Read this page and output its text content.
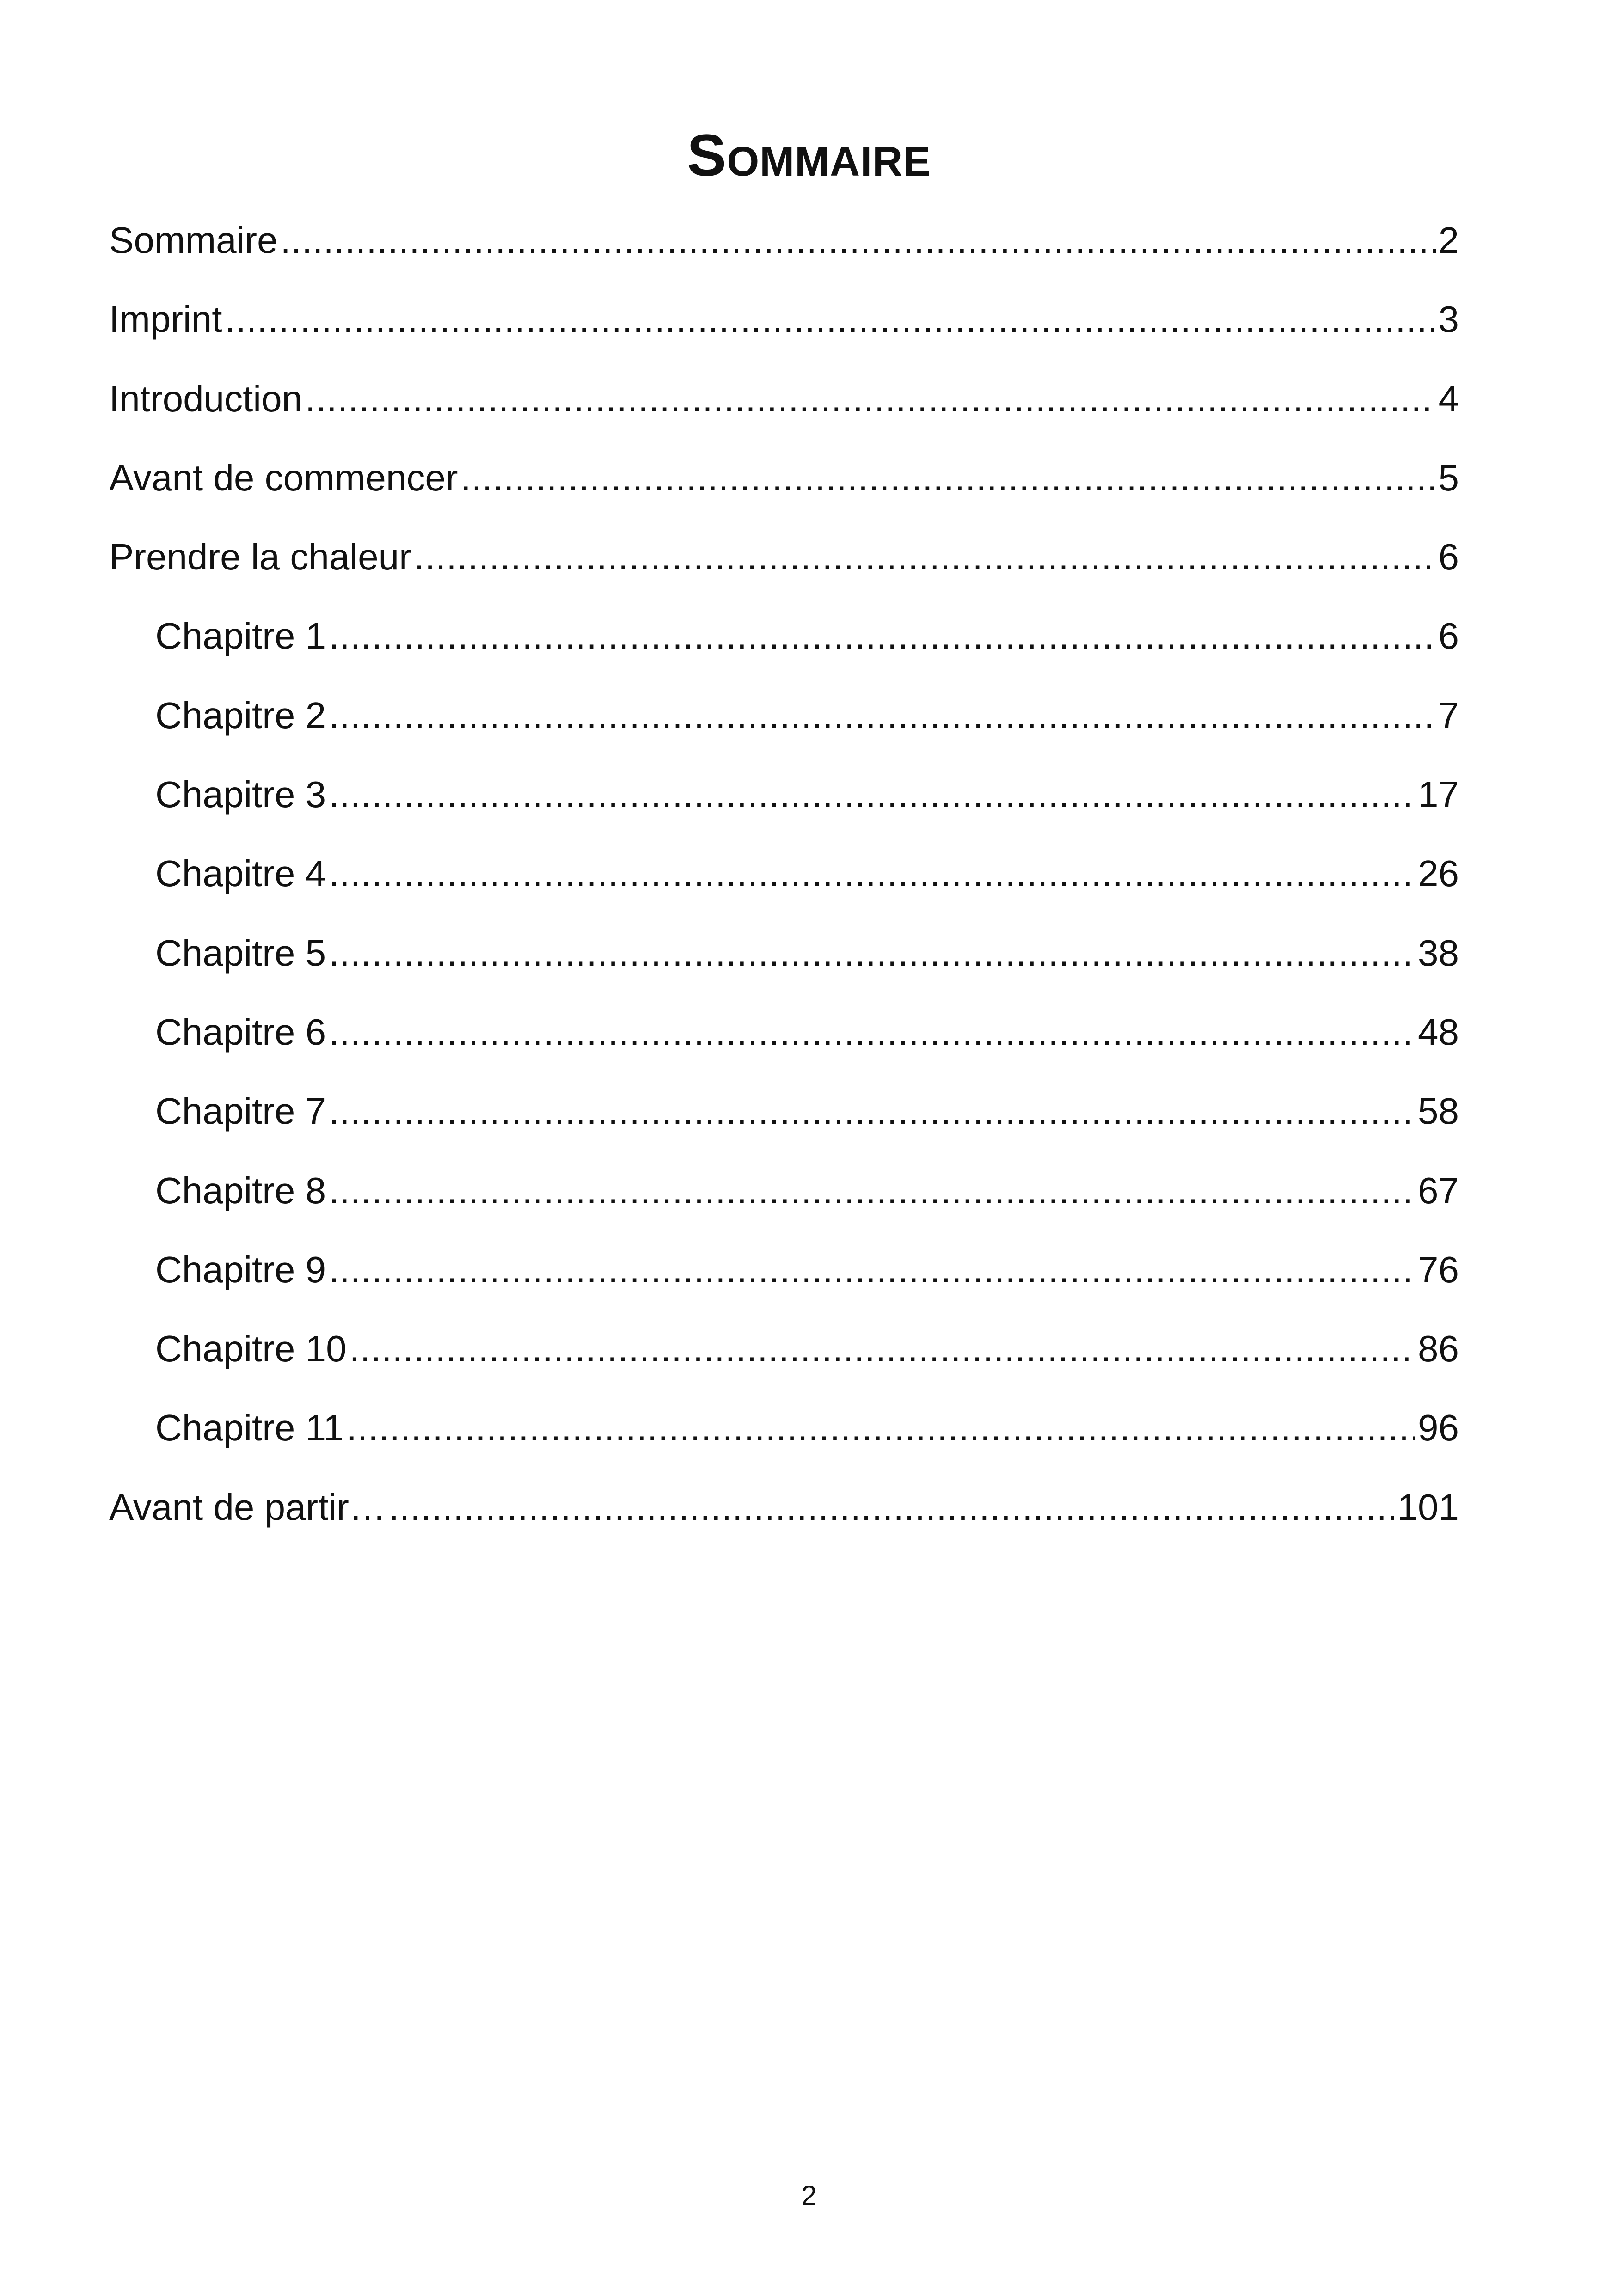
Sommaire
Sommaire .....	2
Imprint .....	3
Introduction .....	4
Avant de commencer .....	5
Prendre la chaleur .....	6
Chapitre 1 .....	6
Chapitre 2 .....	7
Chapitre 3 .....	17
Chapitre 4 .....	26
Chapitre 5 .....	38
Chapitre 6 .....	48
Chapitre 7 .....	58
Chapitre 8 .....	67
Chapitre 9 .....	76
Chapitre 10 .....	86
Chapitre 11 .....	96
Avant de partir… .....	101
2
